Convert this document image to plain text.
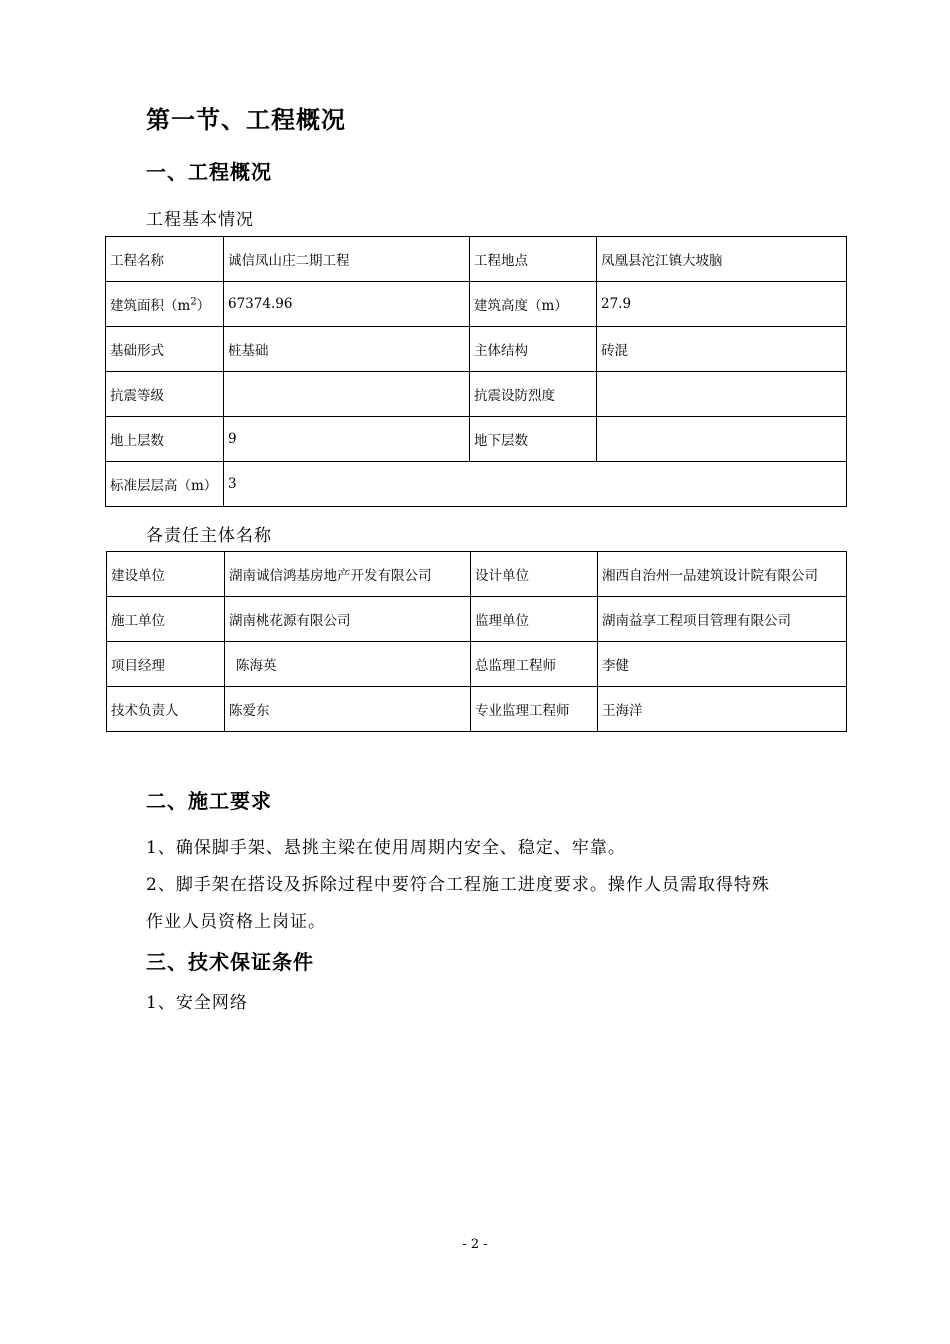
第一节、工程概况
一、工程概况
工程基本情况
工程名称	诚信凤山庄二期工程	工程地点	凤凰县沱江镇大坡脑
建筑面积$(m^2)$	67374.96	建筑高度（m）	27.9
基础形式	桩基础	主体结构	砖混
抗震等级		抗震设防烈度	
地上层数	9	地下层数	
标准层层高（m）	3		
各责任主体名称
建设单位	湖南诚信鸿基房地产开发有限公司	设计单位	湘西自治州一品建筑设计院有限公司
施工单位	湖南桃花源有限公司	监理单位	湖南益享工程项目管理有限公司
项目经理	陈海英	总监理工程师	李健
技术负责人	陈爱东	专业监理工程师	王海洋
二、施工要求
1、确保脚手架、悬挑主梁在使用周期内安全、稳定、牢靠。
2、脚手架在搭设及拆除过程中要符合工程施工进度要求。操作人员需取得特殊
作业人员资格上岗证。
三、技术保证条件
1、安全网络
- 2 -
